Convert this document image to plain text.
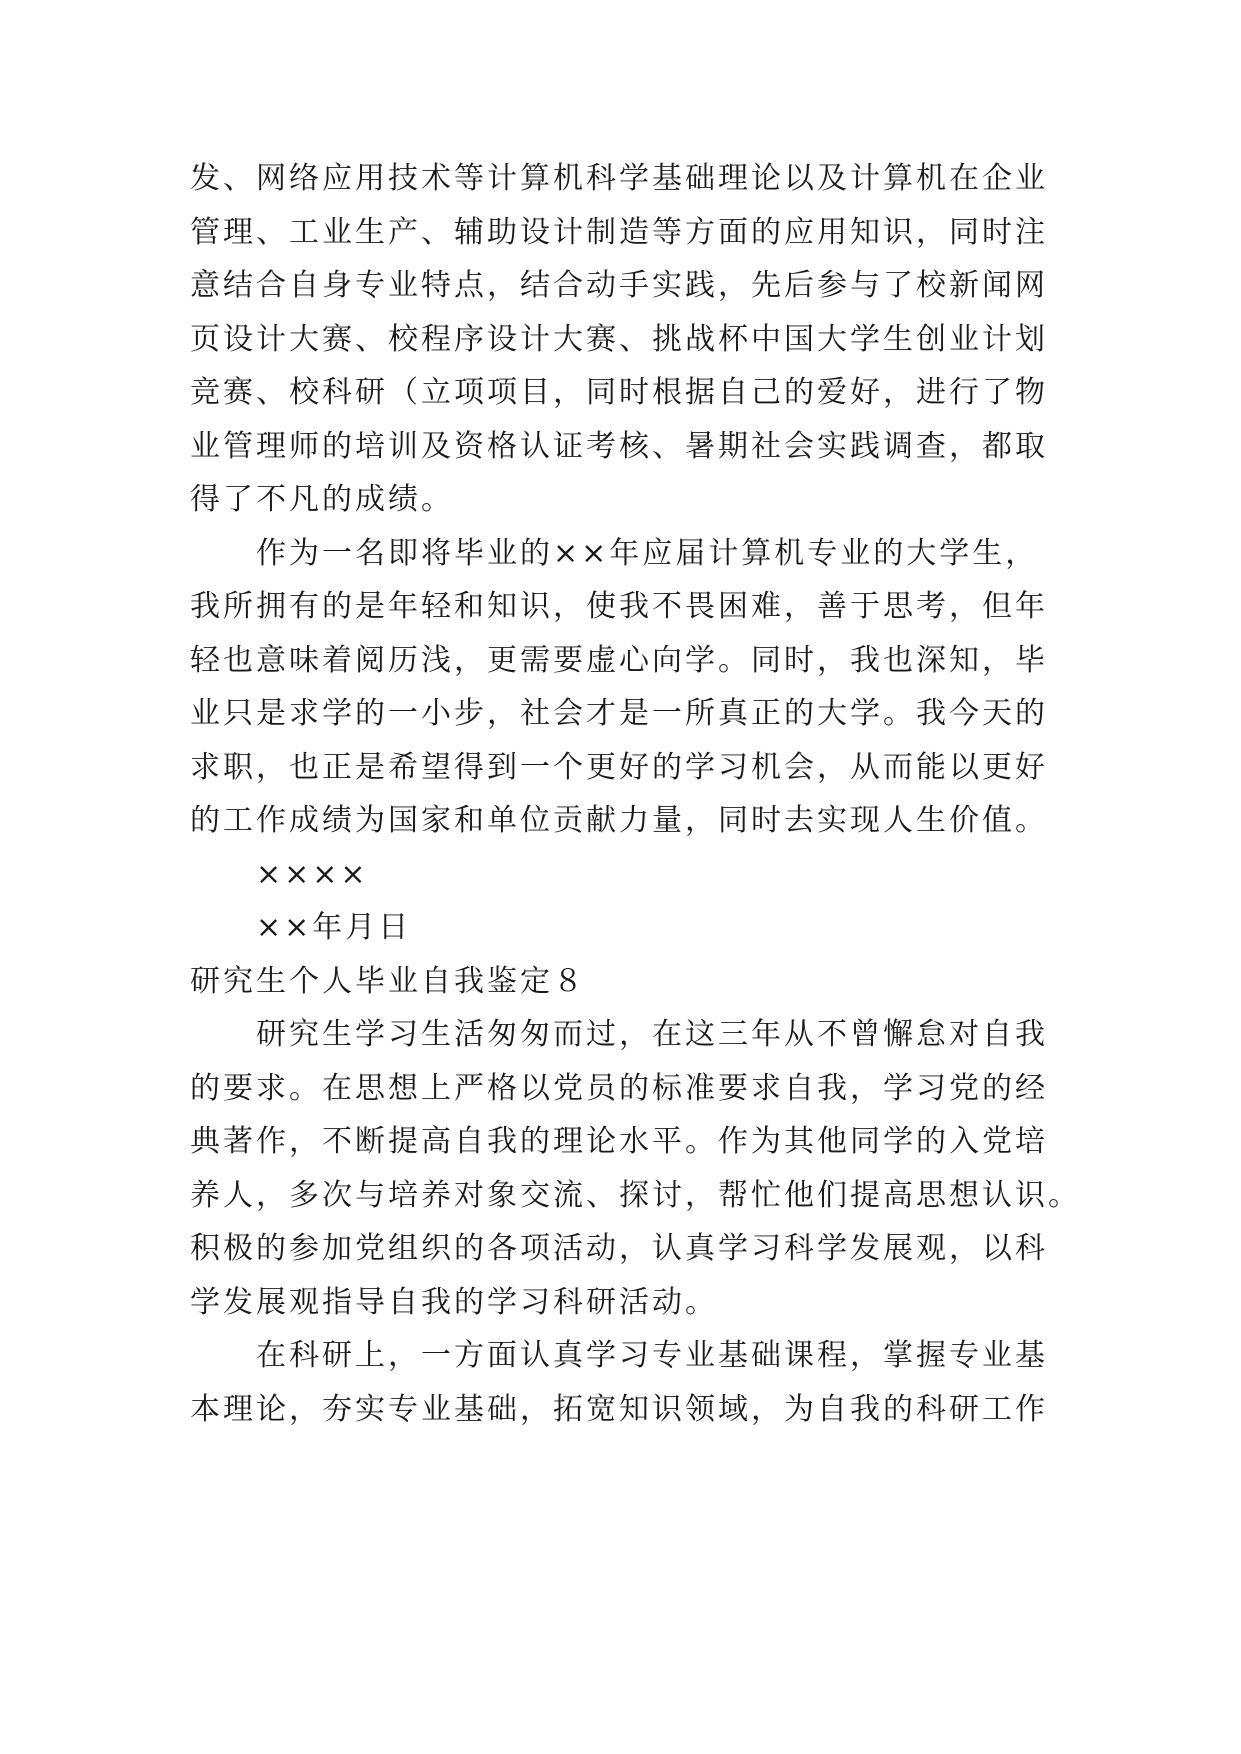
发、网络应用技术等计算机科学基础理论以及计算机在企业
管理、工业生产、辅助设计制造等方面的应用知识，同时注
意结合自身专业特点，结合动手实践，先后参与了校新闻网
页设计大赛、校程序设计大赛、挑战杯中国大学生创业计划
竞赛、校科研（立项项目，同时根据自己的爱好，进行了物
业管理师的培训及资格认证考核、暑期社会实践调查，都取
得了不凡的成绩。
作为一名即将毕业的××年应届计算机专业的大学生，
我所拥有的是年轻和知识，使我不畏困难，善于思考，但年
轻也意味着阅历浅，更需要虚心向学。同时，我也深知，毕
业只是求学的一小步，社会才是一所真正的大学。我今天的
求职，也正是希望得到一个更好的学习机会，从而能以更好
的工作成绩为国家和单位贡献力量，同时去实现人生价值。
××××
××年月日
研究生个人毕业自我鉴定８
研究生学习生活匆匆而过，在这三年从不曾懈怠对自我
的要求。在思想上严格以党员的标准要求自我，学习党的经
典著作，不断提高自我的理论水平。作为其他同学的入党培
养人，多次与培养对象交流、探讨，帮忙他们提高思想认识。
积极的参加党组织的各项活动，认真学习科学发展观，以科
学发展观指导自我的学习科研活动。
在科研上，一方面认真学习专业基础课程，掌握专业基
本理论，夯实专业基础，拓宽知识领域，为自我的科研工作
